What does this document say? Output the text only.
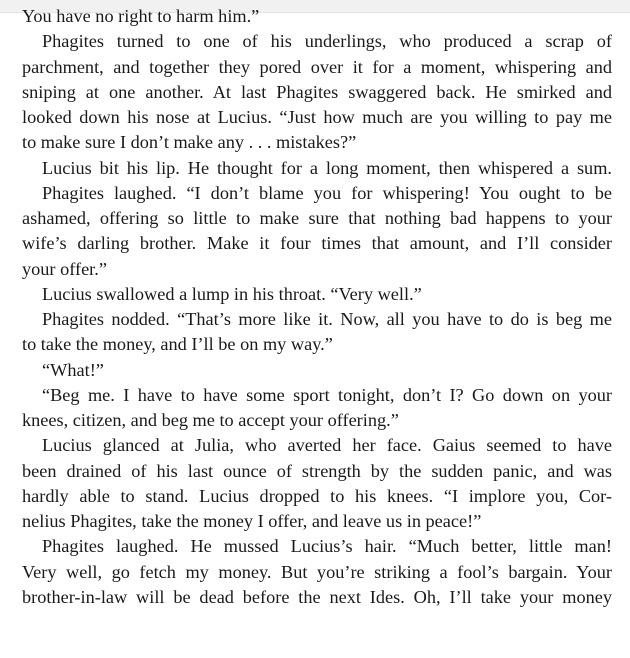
You have no right to harm him.”
Phagites turned to one of his underlings, who produced a scrap of
parchment, and together they pored over it for a moment, whispering and
sniping at one another. At last Phagites swaggered back. He smirked and
looked down his nose at Lucius. “Just how much are you willing to pay me
to make sure I don’t make any . . . mistakes?”
Lucius bit his lip. He thought for a long moment, then whispered a sum.
Phagites laughed. “I don’t blame you for whispering! You ought to be
ashamed, offering so little to make sure that nothing bad happens to your
wife’s darling brother. Make it four times that amount, and I’ll consider
your offer.”
Lucius swallowed a lump in his throat. “Very well.”
Phagites nodded. “That’s more like it. Now, all you have to do is beg me
to take the money, and I’ll be on my way.”
“What!”
“Beg me. I have to have some sport tonight, don’t I? Go down on your
knees, citizen, and beg me to accept your offering.”
Lucius glanced at Julia, who averted her face. Gaius seemed to have
been drained of his last ounce of strength by the sudden panic, and was
hardly able to stand. Lucius dropped to his knees. “I implore you, Cor-
nelius Phagites, take the money I offer, and leave us in peace!”
Phagites laughed. He mussed Lucius’s hair. “Much better, little man!
Very well, go fetch my money. But you’re striking a fool’s bargain. Your
brother-in-law will be dead before the next Ides. Oh, I’ll take your money
